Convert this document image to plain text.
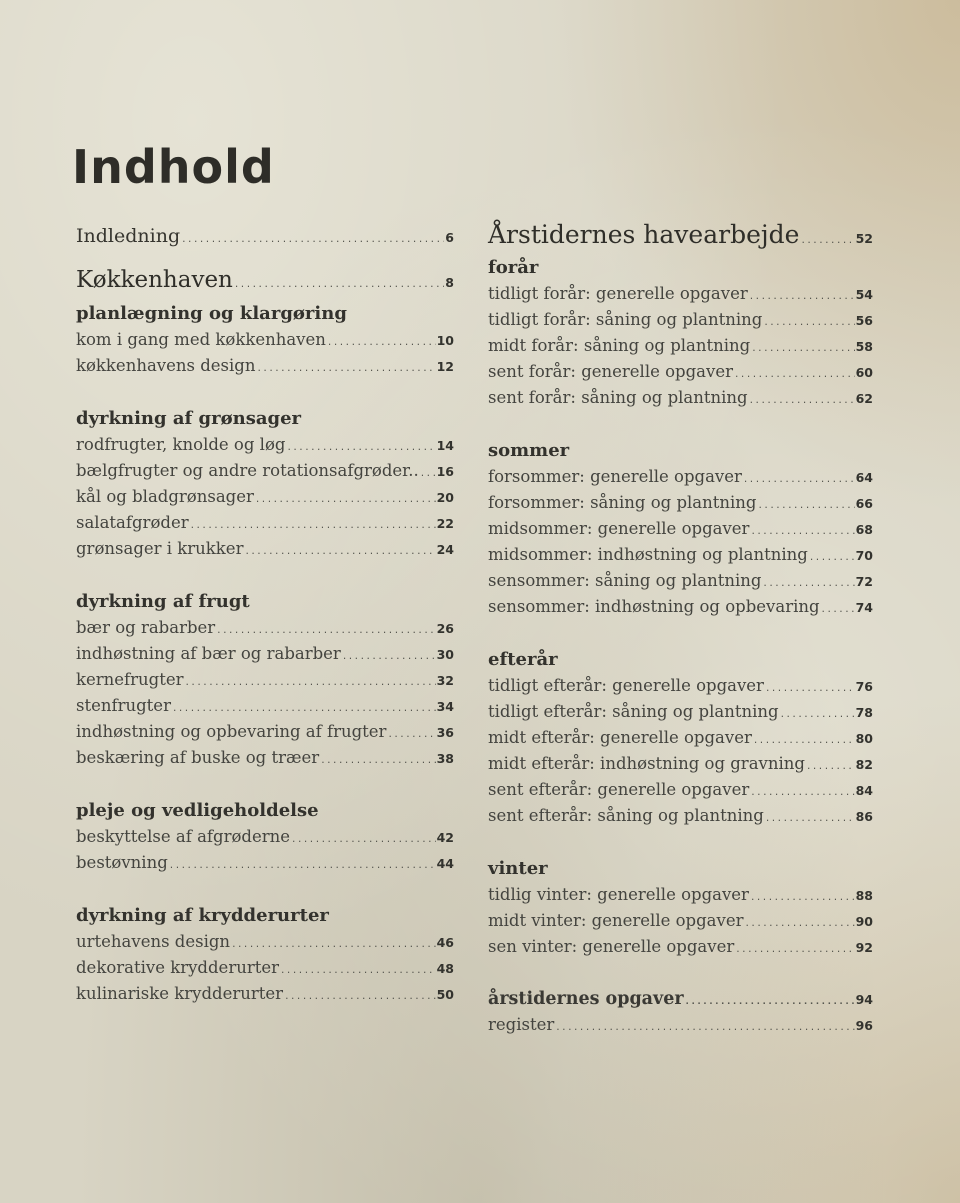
Indhold
Indledning .....	6
Køkkenhaven .....	8
planlægning og klargøring
kom i gang med køkkenhaven .....	10
køkkenhavens design .....	12
dyrkning af grønsager
rodfrugter, knolde og løg .....	14
bælgfrugter og andre rotationsafgrøder.. ..... 16
kål og bladgrønsager .....	20
salatafgrøder .....	22
grønsager i krukker .....	24
dyrkning af frugt
bær og rabarber .....	26
indhøstning af bær og rabarber .....	30
kernefrugter .....	32
stenfrugter .....	34
indhøstning og opbevaring af frugter .....	36
beskæring af buske og træer .....	38
pleje og vedligeholdelse
beskyttelse af afgrøderne .....	42
bestøvning .....	44
dyrkning af krydderurter
urtehavens design .....	46
dekorative krydderurter .....	48
kulinariske krydderurter .....	50
Årstidernes havearbejde .....	52
forår
tidligt forår: generelle opgaver .....	54
tidligt forår: såning og plantning .....	56
midt forår: såning og plantning .....	58
sent forår: generelle opgaver .....	60
sent forår: såning og plantning .....	62
sommer
forsommer: generelle opgaver .....	64
forsommer: såning og plantning .....	66
midsommer: generelle opgaver .....	68
midsommer: indhøstning og plantning .....	70
sensommer: såning og plantning .....	72
sensommer: indhøstning og opbevaring .....	74
efterår
tidligt efterår: generelle opgaver .....	76
tidligt efterår: såning og plantning .....	78
midt efterår: generelle opgaver .....	80
midt efterår: indhøstning og gravning .....	82
sent efterår: generelle opgaver .....	84
sent efterår: såning og plantning .....	86
vinter
tidlig vinter: generelle opgaver .....	88
midt vinter: generelle opgaver .....	90
sen vinter: generelle opgaver .....	92
årstidernes opgaver .....	94
register .....	96
